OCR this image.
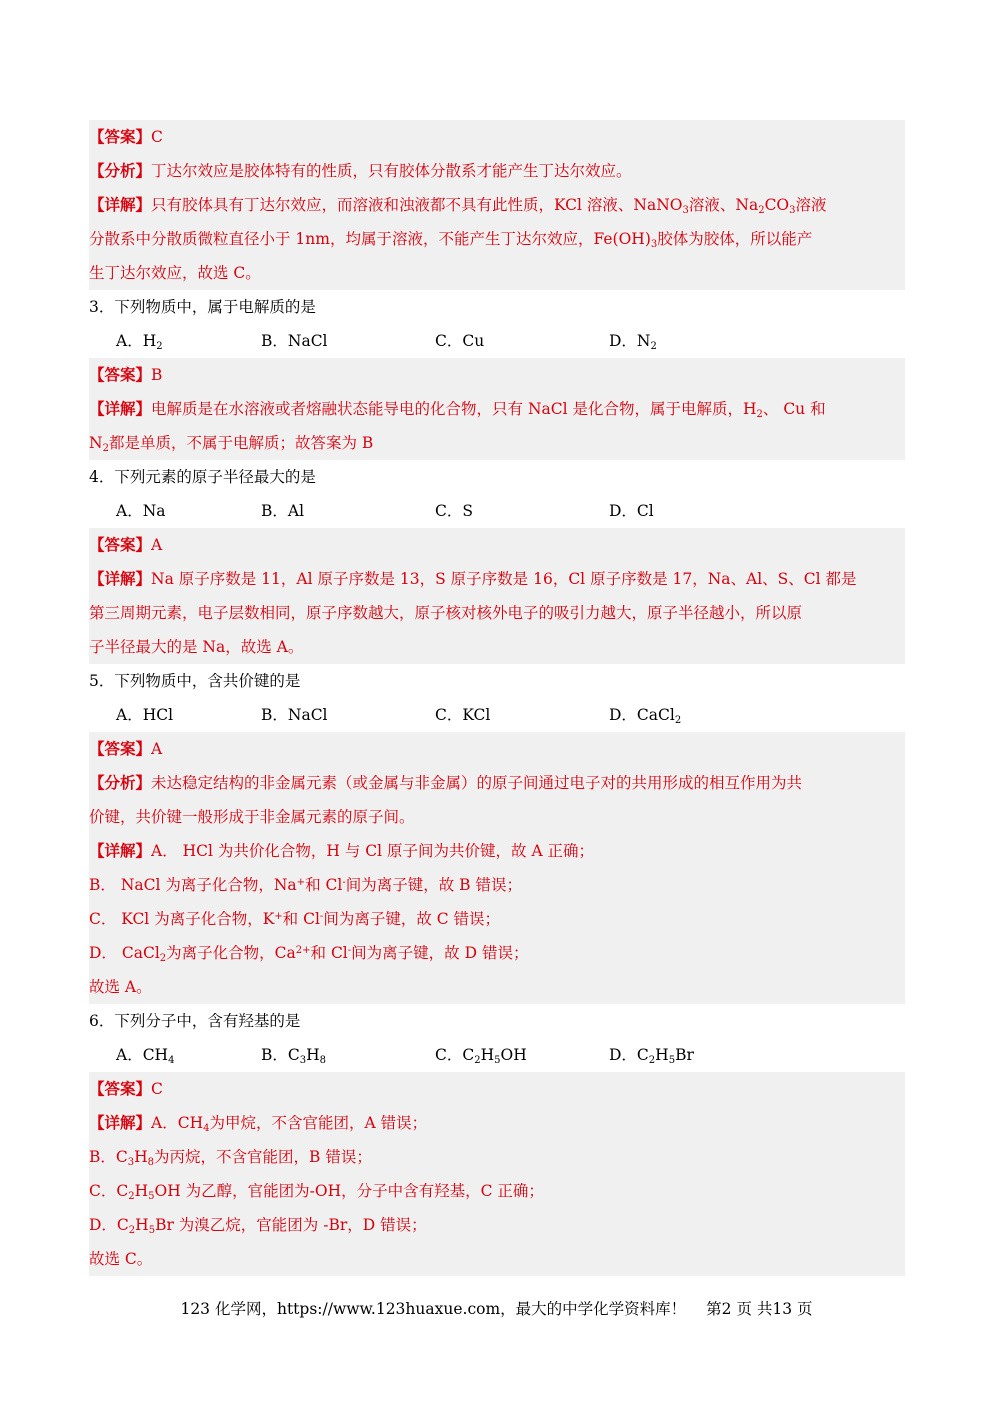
【答案】C
【分析】丁达尔效应是胶体特有的性质，只有胶体分散系才能产生丁达尔效应。
【详解】只有胶体具有丁达尔效应，而溶液和浊液都不具有此性质，KCl 溶液、NaNO$_3$溶液、$Na_2CO_3$溶液
分散系中分散质微粒直径小于 1nm，均属于溶液，不能产生丁达尔效应，$Fe(OH)_3$胶体为胶体，所以能产
生丁达尔效应，故选 C。
3．下列物质中，属于电解质的是
A．$H_2$	B．NaCl	C．Cu	D．$N_2$
【答案】B
【详解】电解质是在水溶液或者熔融状态能导电的化合物，只有 NaCl 是化合物，属于电解质，$H_2$、 Cu 和
$N_2$都是单质，不属于电解质；故答案为 B
4．下列元素的原子半径最大的是
A．Na	B．Al	C．S	D．Cl
【答案】A
【详解】Na 原子序数是 11，Al 原子序数是 13，S 原子序数是 16，Cl 原子序数是 17，Na、Al、S、Cl 都是
第三周期元素，电子层数相同，原子序数越大，原子核对核外电子的吸引力越大，原子半径越小，所以原
子半径最大的是 Na，故选 A。
5．下列物质中，含共价键的是
A．HCl	B．NaCl	C．KCl	D．CaCl$_2$
【答案】A
【分析】未达稳定结构的非金属元素（或金属与非金属）的原子间通过电子对的共用形成的相互作用为共
价键，共价键一般形成于非金属元素的原子间。
【详解】A． HCl 为共价化合物，H 与 Cl 原子间为共价键，故 A 正确；
B． NaCl 为离子化合物，Na+和 Cl-间为离子键，故 B 错误；
C． KCl 为离子化合物，K+和 Cl-间为离子键，故 C 错误；
D． CaCl$_2$为离子化合物，$Ca^{2+}$和 Cl-间为离子键，故 D 错误；
故选 A。
6．下列分子中，含有羟基的是
A．$CH_4$	B．$C_3H_8$	C．$C_2H_5OH$	D．$C_2H_5Br$
【答案】C
【详解】A．$CH_4$为甲烷，不含官能团，A 错误；
B．$C_3H_8$为丙烷，不含官能团，B 错误；
C．$C_2H_5OH$ 为乙醇，官能团为-OH，分子中含有羟基，C 正确；
D．$C_2H_5Br$ 为溴乙烷，官能团为 -Br，D 错误；
故选 C。
123 化学网，https://www.123huaxue.com，最大的中学化学资料库！ 第2 页 共13 页
